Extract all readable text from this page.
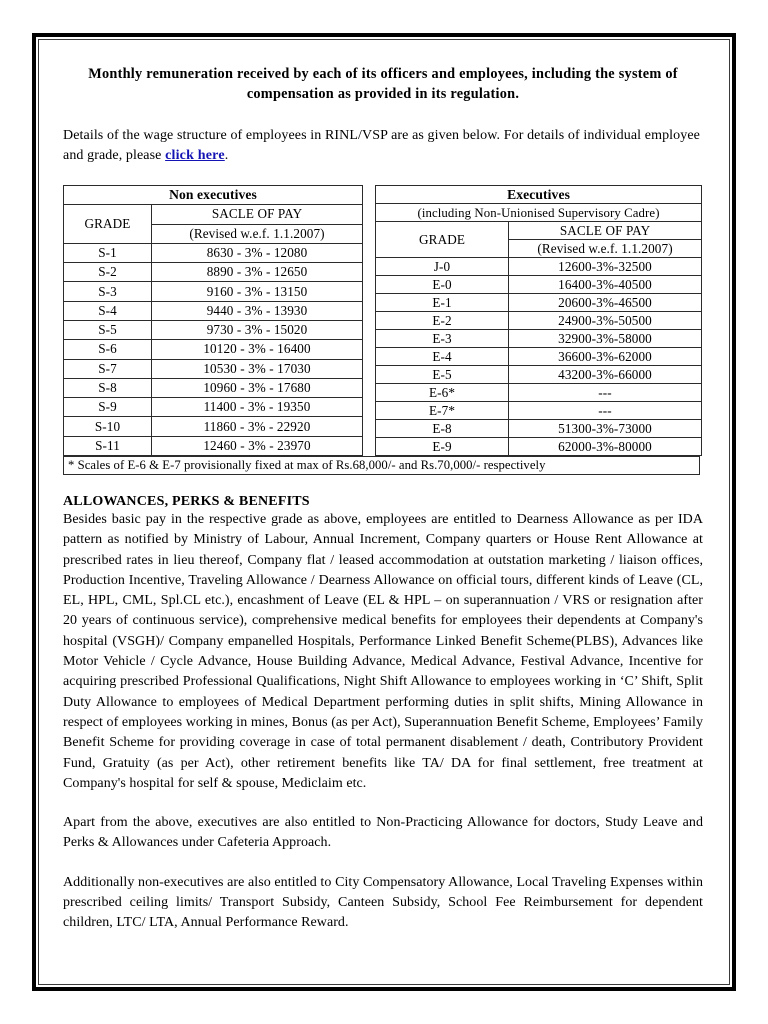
Monthly remuneration received by each of its officers and employees, including the system of compensation as provided in its regulation.
Details of the wage structure of employees in RINL/VSP are as given below. For details of individual employee and grade, please click here.
Non executives	
GRADE	SACLE OF PAY
	(Revised w.e.f. 1.1.2007)
S-1	8630 - 3% - 12080
S-2	8890 - 3% - 12650
S-3	9160 - 3% - 13150
S-4	9440 - 3% - 13930
S-5	9730 - 3% - 15020
S-6	10120 - 3% - 16400
S-7	10530 - 3% - 17030
S-8	10960 - 3% - 17680
S-9	11400 - 3% - 19350
S-10	11860 - 3% - 22920
S-11	12460 - 3% - 23970
Executives	
(including Non-Unionised Supervisory Cadre)	
GRADE	SACLE OF PAY
	(Revised w.e.f. 1.1.2007)
J-0	12600-3%-32500
E-0	16400-3%-40500
E-1	20600-3%-46500
E-2	24900-3%-50500
E-3	32900-3%-58000
E-4	36600-3%-62000
E-5	43200-3%-66000
E-6*	---
E-7*	---
E-8	51300-3%-73000
E-9	62000-3%-80000
* Scales of E-6 & E-7 provisionally fixed at max of Rs.68,000/- and Rs.70,000/- respectively
ALLOWANCES, PERKS & BENEFITS

Besides basic pay in the respective grade as above, employees are entitled to Dearness Allowance as per IDA pattern as notified by Ministry of Labour, Annual Increment, Company quarters or House Rent Allowance at prescribed rates in lieu thereof, Company flat / leased accommodation at outstation marketing / liaison offices, Production Incentive, Traveling Allowance / Dearness Allowance on official tours, different kinds of Leave (CL, EL, HPL, CML, Spl.CL etc.), encashment of Leave (EL & HPL – on superannuation / VRS or resignation after 20 years of continuous service), comprehensive medical benefits for employees their dependents at Company's hospital (VSGH)/ Company empanelled Hospitals, Performance Linked Benefit Scheme(PLBS), Advances like Motor Vehicle / Cycle Advance, House Building Advance, Medical Advance, Festival Advance, Incentive for acquiring prescribed Professional Qualifications, Night Shift Allowance to employees working in ‘C’ Shift, Split Duty Allowance to employees of Medical Department performing duties in split shifts, Mining Allowance in respect of employees working in mines, Bonus (as per Act), Superannuation Benefit Scheme, Employees’ Family Benefit Scheme for providing coverage in case of total permanent disablement / death, Contributory Provident Fund, Gratuity (as per Act), other retirement benefits like TA/ DA for final settlement, free treatment at Company's hospital for self & spouse, Mediclaim etc.

Apart from the above, executives are also entitled to Non-Practicing Allowance for doctors, Study Leave and Perks & Allowances under Cafeteria Approach.

Additionally non-executives are also entitled to City Compensatory Allowance, Local Traveling Expenses within prescribed ceiling limits/ Transport Subsidy, Canteen Subsidy, School Fee Reimbursement for dependent children, LTC/ LTA, Annual Performance Reward.
